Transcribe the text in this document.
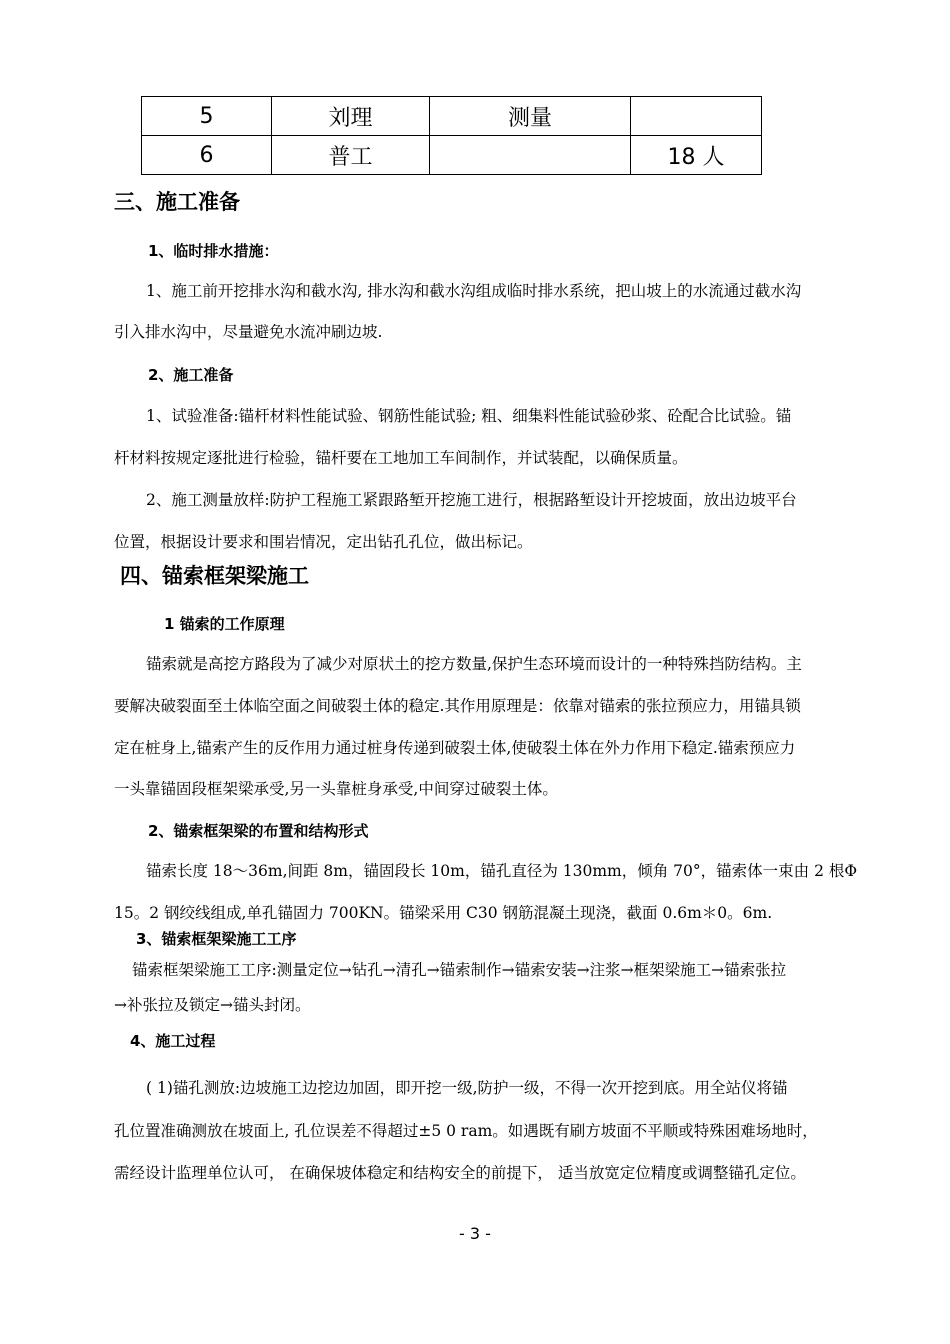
5	刘理	测量	
6	普工		18 人
三、施工准备
1、临时排水措施：
1、施工前开挖排水沟和截水沟, 排水沟和截水沟组成临时排水系统，把山坡上的水流通过截水沟
引入排水沟中，尽量避免水流冲刷边坡.
2、施工准备
1、试验准备:锚杆材料性能试验、钢筋性能试验; 粗、细集料性能试验砂浆、砼配合比试验。锚
杆材料按规定逐批进行检验，锚杆要在工地加工车间制作，并试装配，以确保质量。
2、施工测量放样:防护工程施工紧跟路堑开挖施工进行，根据路堑设计开挖坡面，放出边坡平台
位置，根据设计要求和围岩情况，定出钻孔孔位，做出标记。
四、锚索框架梁施工
1 锚索的工作原理
锚索就是高挖方路段为了减少对原状土的挖方数量,保护生态环境而设计的一种特殊挡防结构。主
要解决破裂面至土体临空面之间破裂土体的稳定.其作用原理是：依靠对锚索的张拉预应力，用锚具锁
定在桩身上,锚索产生的反作用力通过桩身传递到破裂土体,使破裂土体在外力作用下稳定.锚索预应力
一头靠锚固段框架梁承受,另一头靠桩身承受,中间穿过破裂土体。
2、锚索框架梁的布置和结构形式
锚索长度 18～36m,间距 8m，锚固段长 10m，锚孔直径为 130mm，倾角 70°，锚索体一束由 2 根Φ
15。2 钢绞线组成,单孔锚固力 700KN。锚梁采用 C30 钢筋混凝土现浇，截面 0.6m＊0。6m.
3、锚索框架梁施工工序
锚索框架梁施工工序:测量定位→钻孔→清孔→锚索制作→锚索安装→注浆→框架梁施工→锚索张拉
→补张拉及锁定→锚头封闭。
4、施工过程
( 1)锚孔测放:边坡施工边挖边加固，即开挖一级,防护一级，不得一次开挖到底。用全站仪将锚
孔位置准确测放在坡面上, 孔位误差不得超过±5 0 ram。如遇既有刷方坡面不平顺或特殊困难场地时，
需经设计监理单位认可， 在确保坡体稳定和结构安全的前提下， 适当放宽定位精度或调整锚孔定位。
- 3 -
